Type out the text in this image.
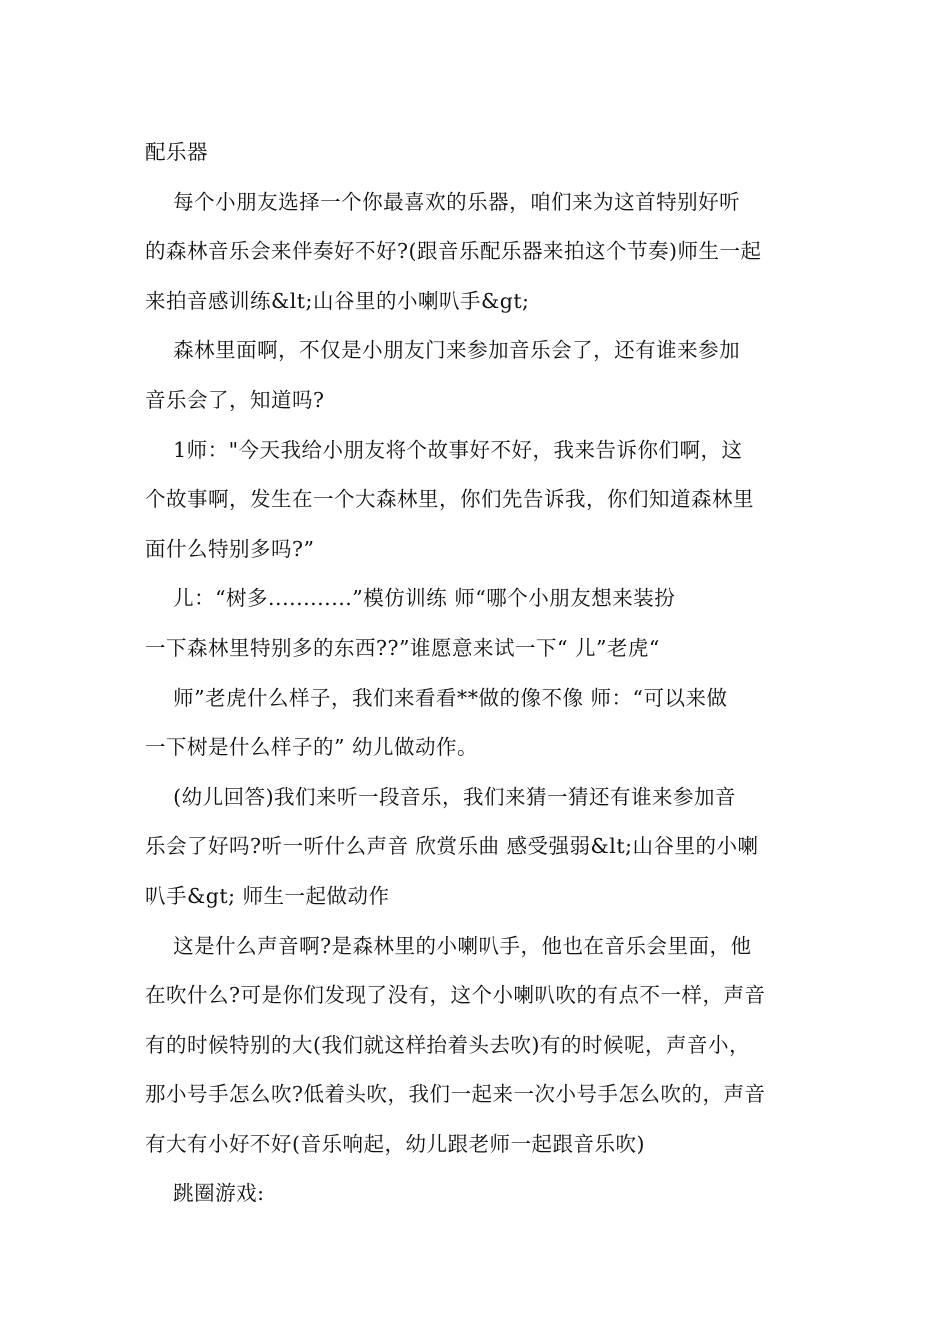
配乐器
每个小朋友选择一个你最喜欢的乐器，咱们来为这首特别好听
的森林音乐会来伴奏好不好?(跟音乐配乐器来拍这个节奏)师生一起
来拍音感训练&lt;山谷里的小喇叭手&gt;
森林里面啊，不仅是小朋友门来参加音乐会了，还有谁来参加
音乐会了，知道吗?
1师："今天我给小朋友将个故事好不好，我来告诉你们啊，这
个故事啊，发生在一个大森林里，你们先告诉我，你们知道森林里
面什么特别多吗?”
儿：“树多............”模仿训练 师“哪个小朋友想来装扮
一下森林里特别多的东西??”谁愿意来试一下“ 儿”老虎“
师”老虎什么样子，我们来看看**做的像不像 师：“可以来做
一下树是什么样子的” 幼儿做动作。
(幼儿回答)我们来听一段音乐，我们来猜一猜还有谁来参加音
乐会了好吗?听一听什么声音 欣赏乐曲 感受强弱&lt;山谷里的小喇
叭手&gt; 师生一起做动作
这是什么声音啊?是森林里的小喇叭手，他也在音乐会里面，他
在吹什么?可是你们发现了没有，这个小喇叭吹的有点不一样，声音
有的时候特别的大(我们就这样抬着头去吹)有的时候呢，声音小，
那小号手怎么吹?低着头吹，我们一起来一次小号手怎么吹的，声音
有大有小好不好(音乐响起，幼儿跟老师一起跟音乐吹)
跳圈游戏:
